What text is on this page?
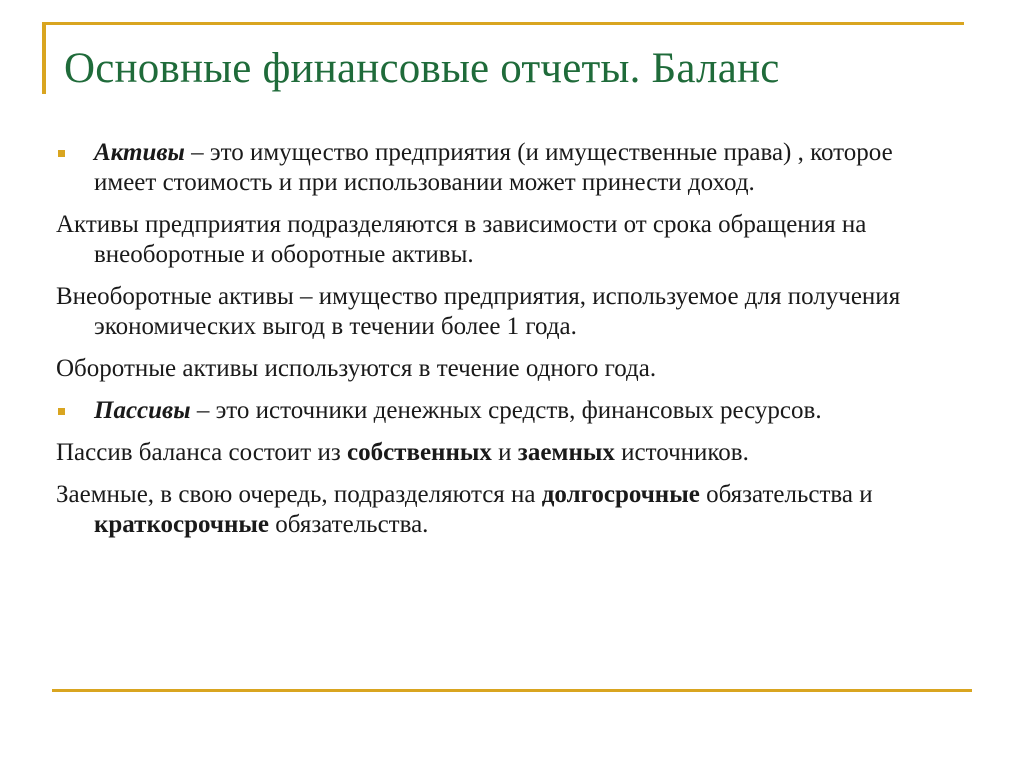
Основные финансовые отчеты. Баланс
Активы – это имущество предприятия (и имущественные права) , которое имеет стоимость и при использовании может принести доход.

Активы предприятия подразделяются в зависимости от срока обращения на внеоборотные и оборотные активы.

Внеоборотные активы – имущество предприятия, используемое для получения экономических выгод в течении более 1 года.

Оборотные активы используются в течение одного года.

Пассивы – это источники денежных средств, финансовых ресурсов.

Пассив баланса состоит из собственных и заемных источников.

Заемные, в свою очередь, подразделяются на долгосрочные обязательства и краткосрочные обязательства.
